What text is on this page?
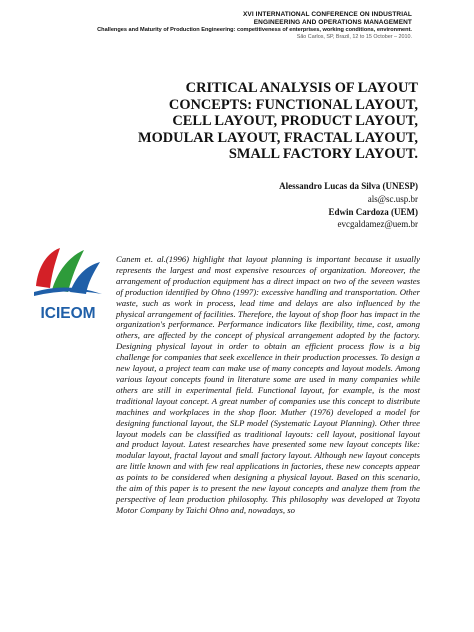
XVI INTERNATIONAL CONFERENCE ON INDUSTRIAL
ENGINEERING AND OPERATIONS MANAGEMENT
Challenges and Maturity of Production Engineering: competitiveness of enterprises, working conditions, environment.
São Carlos, SP, Brazil, 12 to 15 October – 2010.
CRITICAL ANALYSIS OF LAYOUT
CONCEPTS: FUNCTIONAL LAYOUT,
CELL LAYOUT, PRODUCT LAYOUT,
MODULAR LAYOUT, FRACTAL LAYOUT,
SMALL FACTORY LAYOUT.
Alessandro Lucas da Silva (UNESP)
als@sc.usp.br
Edwin Cardoza (UEM)
evcgaldamez@uem.br
ICIEOM
Canem et. al.(1996) highlight that layout planning is important because it usually represents the largest and most expensive resources of organization. Moreover, the arrangement of production equipment has a direct impact on two of the seveen wastes of production identified by Ohno (1997): excessive handling and transportation. Other waste, such as work in process, lead time and delays are also influenced by the physical arrangement of facilities. Therefore, the layout of shop floor has impact in the organization's performance. Performance indicators like flexibility, time, cost, among others, are affected by the concept of physical arrangement adopted by the factory. Designing physical layout in order to obtain an efficient process flow is a big challenge for companies that seek excellence in their production processes. To design a new layout, a project team can make use of many concepts and layout models. Among various layout concepts found in literature some are used in many companies while others are still in experimental field. Functional layout, for example, is the most traditional layout concept. A great number of companies use this concept to distribute machines and workplaces in the shop floor. Muther (1976) developed a model for designing functional layout, the SLP model (Systematic Layout Planning). Other three layout models can be classified as traditional layouts: cell layout, positional layout and product layout. Latest researches have presented some new layout concepts like: modular layout, fractal layout and small factory layout. Although new layout concepts are little known and with few real applications in factories, these new concepts appear as points to be considered when designing a physical layout. Based on this scenario, the aim of this paper is to present the new layout concepts and analyze them from the perspective of lean production philosophy. This philosophy was developed at Toyota Motor Company by Taichi Ohno and, nowadays, so
